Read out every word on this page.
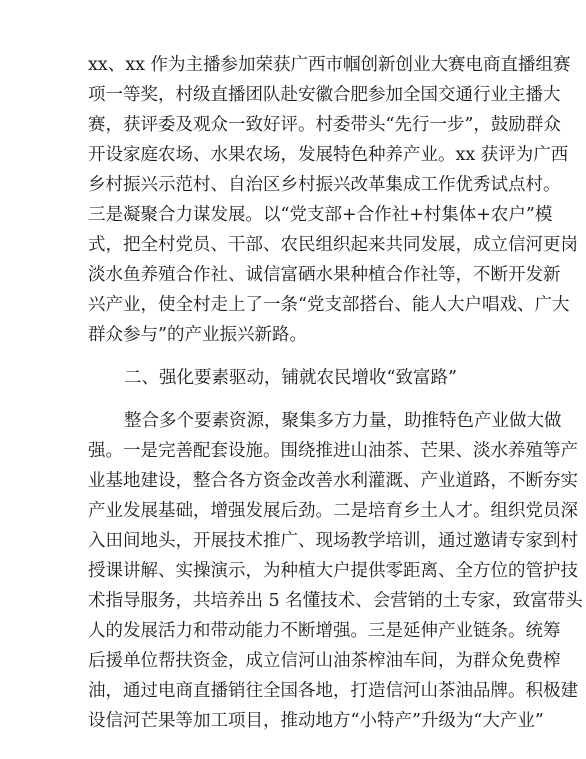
xx、xx 作为主播参加荣获广西市帼创新创业大赛电商直播组赛
项一等奖，村级直播团队赴安徽合肥参加全国交通行业主播大
赛，获评委及观众一致好评。村委带头“先行一步”，鼓励群众
开设家庭农场、水果农场，发展特色种养产业。xx 获评为广西
乡村振兴示范村、自治区乡村振兴改革集成工作优秀试点村。
三是凝聚合力谋发展。以“党支部+合作社+村集体+农户”模
式，把全村党员、干部、农民组织起来共同发展，成立信河更岗
淡水鱼养殖合作社、诚信富硒水果种植合作社等，不断开发新
兴产业，使全村走上了一条“党支部搭台、能人大户唱戏、广大
群众参与”的产业振兴新路。
二、强化要素驱动，铺就农民增收“致富路”
整合多个要素资源，聚集多方力量，助推特色产业做大做
强。一是完善配套设施。围绕推进山油茶、芒果、淡水养殖等产
业基地建设，整合各方资金改善水利灌溉、产业道路，不断夯实
产业发展基础，增强发展后劲。二是培育乡土人才。组织党员深
入田间地头，开展技术推广、现场教学培训，通过邀请专家到村
授课讲解、实操演示，为种植大户提供零距离、全方位的管护技
术指导服务，共培养出 5 名懂技术、会营销的土专家，致富带头
人的发展活力和带动能力不断增强。三是延伸产业链条。统筹
后援单位帮扶资金，成立信河山油茶榨油车间，为群众免费榨
油，通过电商直播销往全国各地，打造信河山茶油品牌。积极建
设信河芒果等加工项目，推动地方“小特产”升级为“大产业”
